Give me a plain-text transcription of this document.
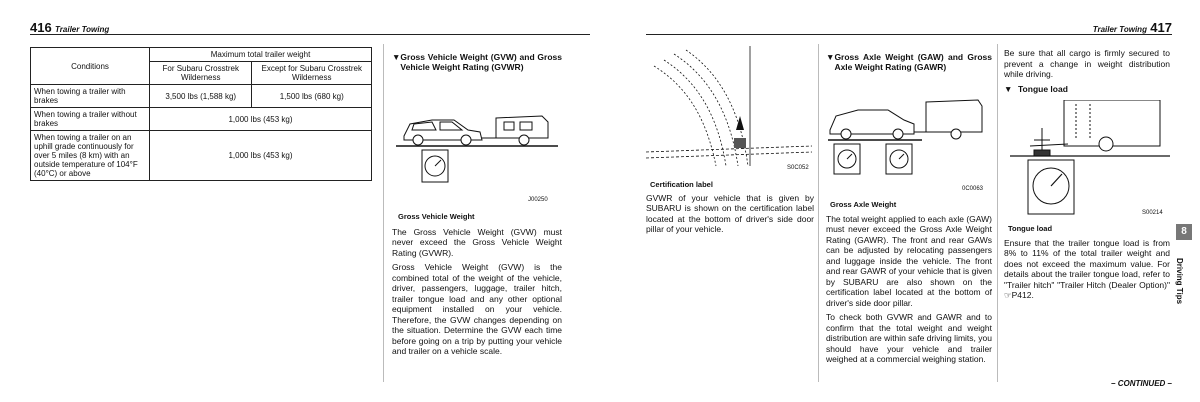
416 Trailer Towing
Conditions	Maximum total trailer weight	
	For Subaru Crosstrek Wilderness	Except for Subaru Crosstrek Wilderness
When towing a trailer with brakes	3,500 lbs (1,588 kg)	1,500 lbs (680 kg)
When towing a trailer without brakes	1,000 lbs (453 kg)	
When towing a trailer on an uphill grade continuously for over 5 miles (8 km) with an outside temperature of 104°F (40°C) or above	1,000 lbs (453 kg)	
▼ Gross Vehicle Weight (GVW) and Gross Vehicle Weight Rating (GVWR)
J00250

Gross Vehicle Weight

The Gross Vehicle Weight (GVW) must never exceed the Gross Vehicle Weight Rating (GVWR).

Gross Vehicle Weight (GVW) is the combined total of the weight of the vehicle, driver, passengers, luggage, trailer hitch, trailer tongue load and any other optional equipment installed on your vehicle. Therefore, the GVW changes depending on the situation. Determine the GVW each time before going on a trip by putting your vehicle and trailer on a vehicle scale.

Trailer Towing 417
S0C052

Certification label

GVWR of your vehicle that is given by SUBARU is shown on the certification label located at the bottom of driver's side door pillar of your vehicle.

▼ Gross Axle Weight (GAW) and Gross Axle Weight Rating (GAWR)
0C0063

Gross Axle Weight

The total weight applied to each axle (GAW) must never exceed the Gross Axle Weight Rating (GAWR). The front and rear GAWs can be adjusted by relocating passengers and luggage inside the vehicle. The front and rear GAWR of your vehicle that is given by SUBARU are also shown on the certification label located at the bottom of driver's side door pillar.

To check both GVWR and GAWR and to confirm that the total weight and weight distribution are within safe driving limits, you should have your vehicle and trailer weighed at a commercial weighing station.

Be sure that all cargo is firmly secured to prevent a change in weight distribution while driving.

▼ Tongue load
S00214

Tongue load

Ensure that the trailer tongue load is from 8% to 11% of the total trailer weight and does not exceed the maximum value. For details about the trailer tongue load, refer to "Trailer hitch" "Trailer Hitch (Dealer Option)" ☞P412.

8
Driving Tips
– CONTINUED –
